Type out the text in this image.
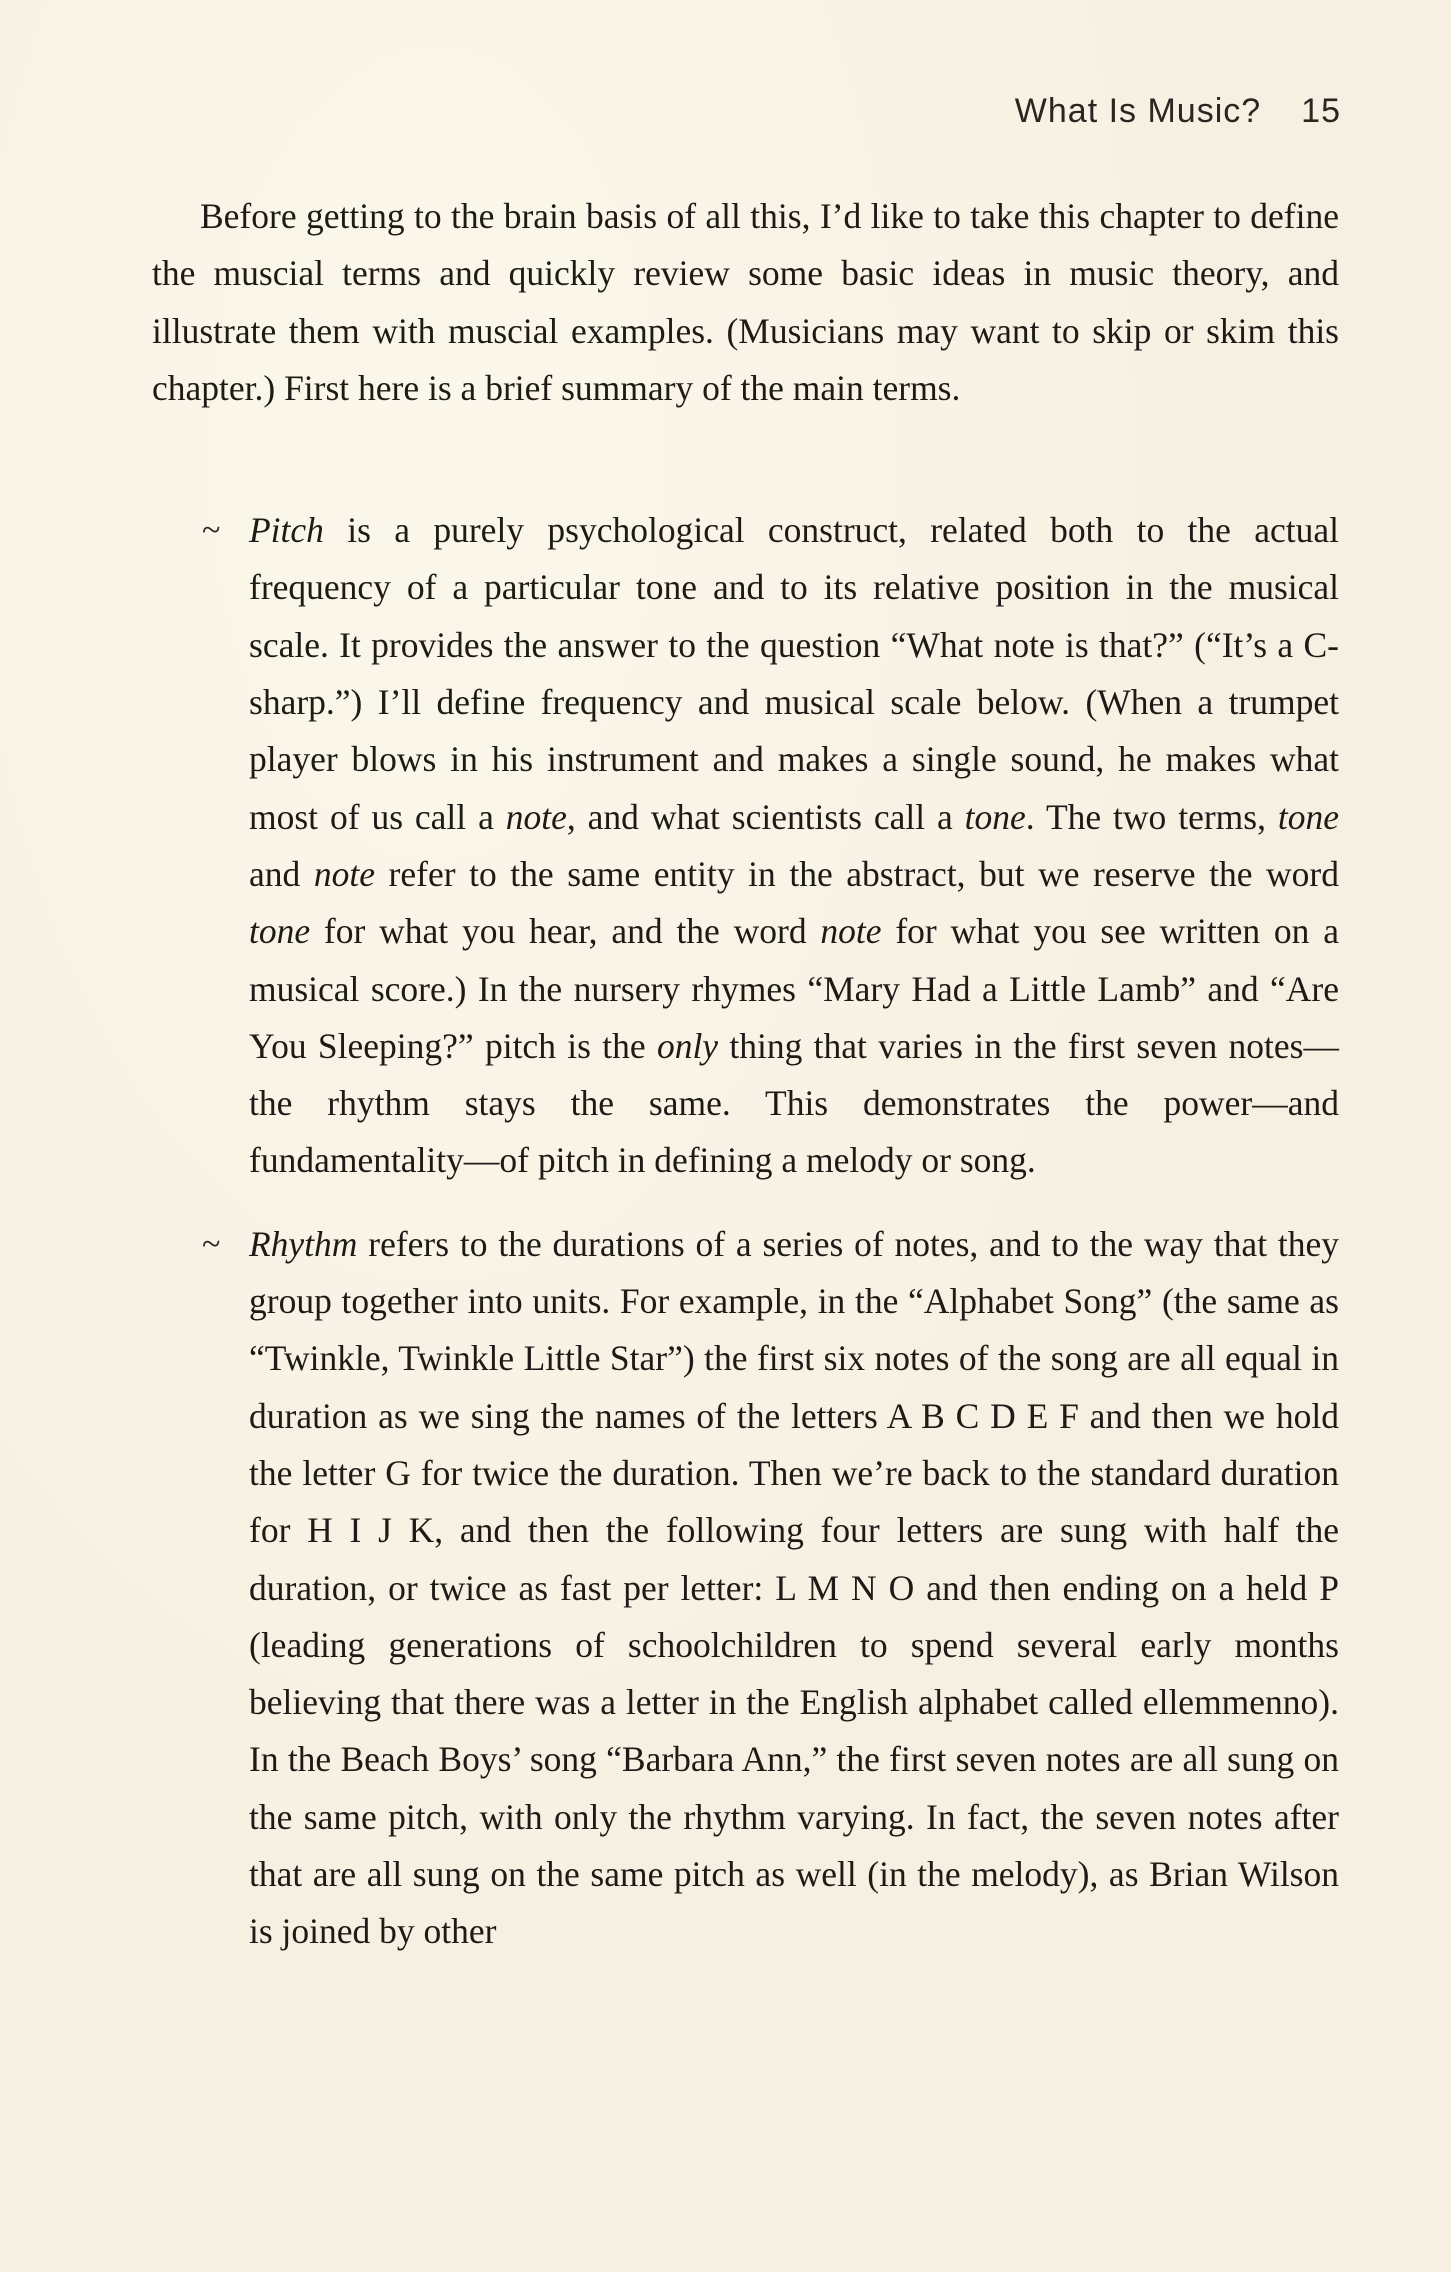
What Is Music? 15

Before getting to the brain basis of all this, I’d like to take this chapter to define the muscial terms and quickly review some basic ideas in music theory, and illustrate them with muscial examples. (Musicians may want to skip or skim this chapter.) First here is a brief summary of the main terms.

~ Pitch is a purely psychological construct, related both to the actual frequency of a particular tone and to its relative position in the musical scale. It provides the answer to the question “What note is that?” (“It’s a C-sharp.”) I’ll define frequency and musical scale below. (When a trumpet player blows in his instrument and makes a single sound, he makes what most of us call a note, and what scientists call a tone. The two terms, tone and note refer to the same entity in the abstract, but we reserve the word tone for what you hear, and the word note for what you see written on a musical score.) In the nursery rhymes “Mary Had a Little Lamb” and “Are You Sleeping?” pitch is the only thing that varies in the first seven notes—the rhythm stays the same. This demonstrates the power—and fundamentality—of pitch in defining a melody or song.
~ Rhythm refers to the durations of a series of notes, and to the way that they group together into units. For example, in the “Alphabet Song” (the same as “Twinkle, Twinkle Little Star”) the first six notes of the song are all equal in duration as we sing the names of the letters A B C D E F and then we hold the letter G for twice the duration. Then we’re back to the standard duration for H I J K, and then the following four letters are sung with half the duration, or twice as fast per letter: L M N O and then ending on a held P (leading generations of schoolchildren to spend several early months believing that there was a letter in the English alphabet called ellemmenno). In the Beach Boys’ song “Barbara Ann,” the first seven notes are all sung on the same pitch, with only the rhythm varying. In fact, the seven notes after that are all sung on the same pitch as well (in the melody), as Brian Wilson is joined by other
